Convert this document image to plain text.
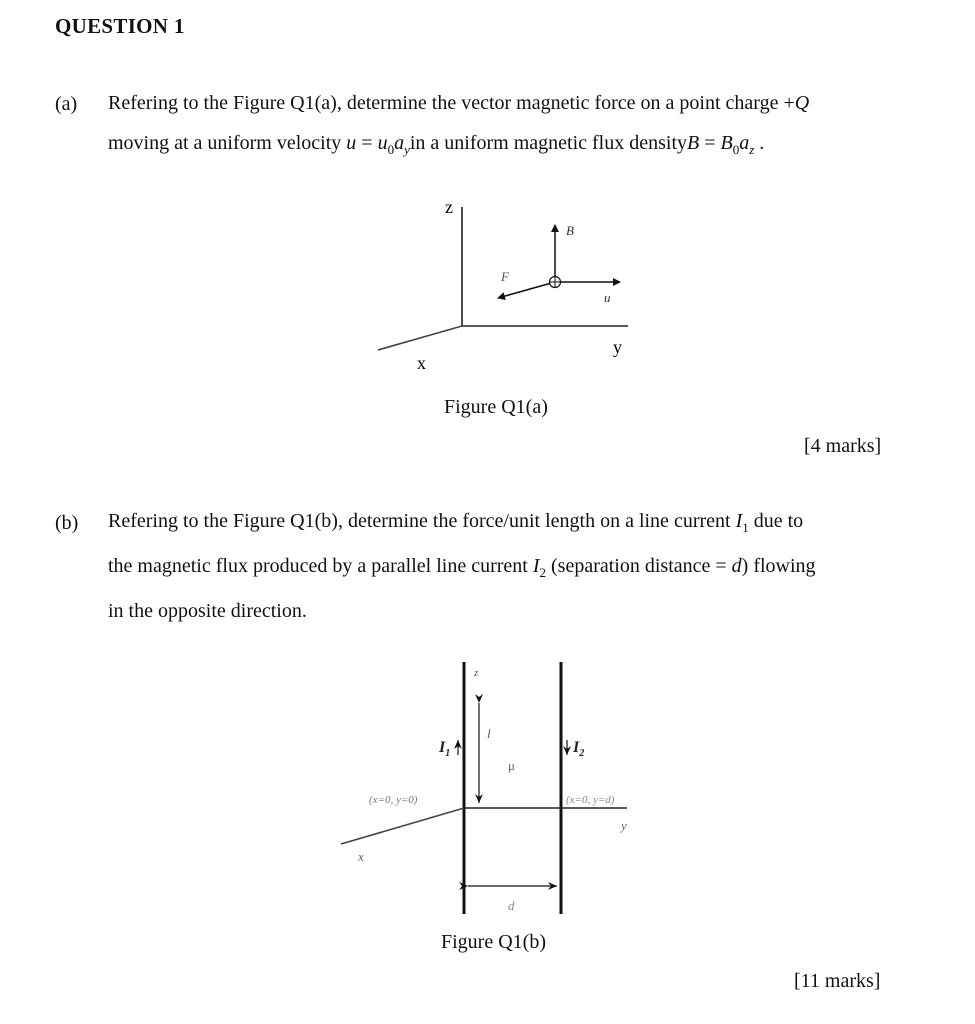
QUESTION 1
(a) Refering to the Figure Q1(a), determine the vector magnetic force on a point charge +Q
moving at a uniform velocity $u = u_0a_yin$ a uniform magnetic flux densityB = $B_0a_z$ .
z
x
y
B
F
u
Figure Q1(a)
[4 marks]
(b) Refering to the Figure Q1(b), determine the force/unit length on a line current $I_1$ due to
the magnetic flux produced by a parallel line current $I_2$ (separation distance = d) flowing
in the opposite direction.
z
l
$I_1$	$I_2$
μ
(x=0, y=0)	(x=0, y=d)
y
x
d
Figure Q1(b)
[11 marks]
